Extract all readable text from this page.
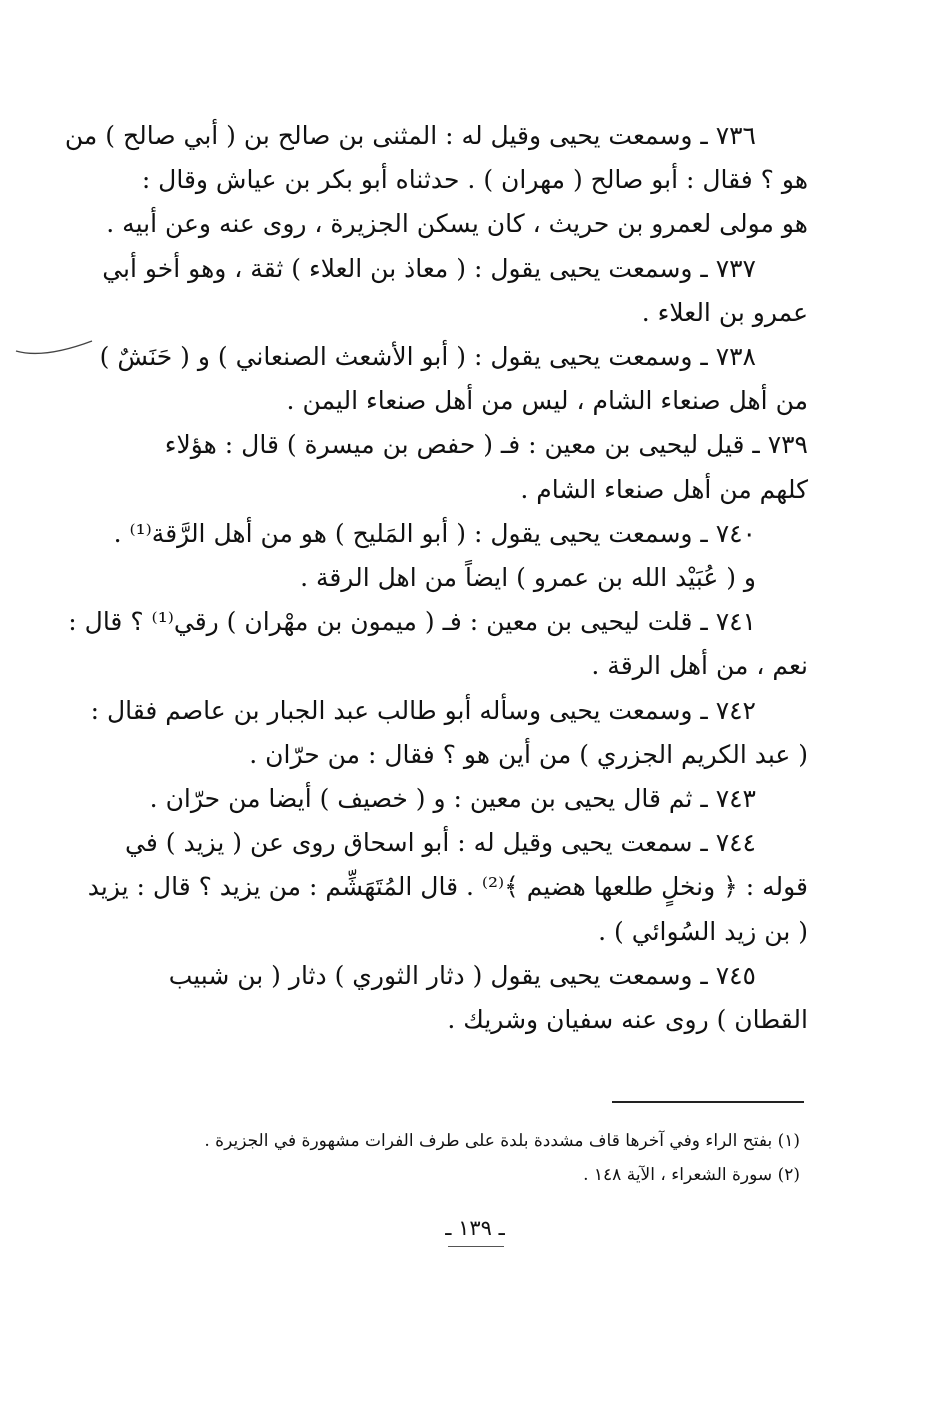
٧٣٦ ـ وسمعت يحيى وقيل له : المثنى بن صالح بن ( أبي صالح ) من
هو ؟ فقال : أبو صالح ( مهران ) . حدثناه أبو بكر بن عياش وقال :
هو مولى لعمرو بن حريث ، كان يسكن الجزيرة ، روى عنه وعن أبيه .
٧٣٧ ـ وسمعت يحيى يقول : ( معاذ بن العلاء ) ثقة ، وهو أخو أبي
عمرو بن العلاء .
٧٣٨ ـ وسمعت يحيى يقول : ( أبو الأشعث الصنعاني ) و ( حَنَشٌ )
من أهل صنعاء الشام ، ليس من أهل صنعاء اليمن .
٧٣٩ ـ قيل ليحيى بن معين : فـ ( حفص بن ميسرة ) قال : هؤلاء
كلهم من أهل صنعاء الشام .
٧٤٠ ـ وسمعت يحيى يقول : ( أبو المَليح ) هو من أهل الرَّقة⁽¹⁾ .
و ( عُبَيْد الله بن عمرو ) ايضاً من اهل الرقة .
٧٤١ ـ قلت ليحيى بن معين : فـ ( ميمون بن مهْران ) رقي⁽¹⁾ ؟ قال :
نعم ، من أهل الرقة .
٧٤٢ ـ وسمعت يحيى وسأله أبو طالب عبد الجبار بن عاصم فقال :
( عبد الكريم الجزري ) من أين هو ؟ فقال : من حرّان .
٧٤٣ ـ ثم قال يحيى بن معين : و ( خصيف ) أيضا من حرّان .
٧٤٤ ـ سمعت يحيى وقيل له : أبو اسحاق روى عن ( يزيد ) في
قوله : ﴿ ونخلٍ طلعها هضيم ﴾⁽²⁾ . قال المُتَهَشِّم : من يزيد ؟ قال : يزيد
( بن زيد السُوائي ) .
٧٤٥ ـ وسمعت يحيى يقول ( دثار الثوري ) دثار ( بن شبيب
القطان ) روى عنه سفيان وشريك .
(١) بفتح الراء وفي آخرها قاف مشددة بلدة على طرف الفرات مشهورة في الجزيرة .
(٢) سورة الشعراء ، الآية ١٤٨ .
ـ ١٣٩ ـ
